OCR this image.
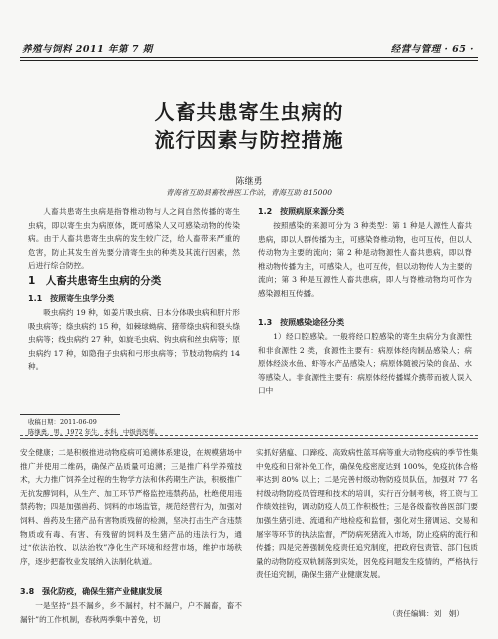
养殖与饲料 2011 年第 7 期	经营与管理 · 65 ·
人畜共患寄生虫病的
流行因素与防控措施
陈继勇
青海省互助县畜牧兽医工作站，青海互助 815000

人畜共患寄生虫病是指脊椎动物与人之间自然传播的寄生虫病，即以寄生虫为病原体，既可感染人又可感染动物的传染病。由于人畜共患寄生虫病的发生较广泛，给人畜带来严重的危害，防止其发生首先要分清寄生虫的种类及其流行因素，然后进行综合防控。

1　人畜共患寄生虫病的分类
1.1　按照寄生虫学分类

吸虫病约 19 种，如姜片吸虫病、日本分体吸虫病和肝片形吸虫病等；绦虫病约 15 种，如棘球蚴病、猪带绦虫病和裂头绦虫病等；线虫病约 27 种，如旋毛虫病、钩虫病和丝虫病等；原虫病约 17 种，如隐孢子虫病和弓形虫病等；节肢动物病约 14 种。

1.2　按照病原来源分类

按照感染的来源可分为 3 种类型：第 1 种是人源性人畜共患病，即以人群传播为主，可感染脊椎动物，也可互传，但以人传动物为主要的流向；第 2 种是动物源性人畜共患病，即以脊椎动物传播为主，可感染人，也可互传，但以动物传人为主要的流向；第 3 种是互源性人畜共患病，即人与脊椎动物均可作为感染源相互传播。

1.3　按照感染途径分类

1）经口腔感染。一般将经口腔感染的寄生虫病分为食源性和非食源性 2 类，食源性主要有：病原体经肉制品感染人；病原体经淡水鱼、虾等水产品感染人；病原体随被污染的食品、水等感染人。非食源性主要有：病原体经传播媒介携带而被人误入口中

收稿日期：2011-06-09
陈继勇，男，1972 年生，本科，中级兽医师。

安全健康；二是积极推进动物疫病可追溯体系建设，在规模猪场中推广并使用二维码，确保产品质量可追溯；三是推广科学养殖技术，大力推广饲养全过程的生物学方法和休药期生产法，积极推广无抗发酵饲料，从生产、加工环节严格监控违禁药品，杜绝使用违禁药物；四是加强兽药、饲料的市场监管，规范经营行为，加强对饲料、兽药及生猪产品有害物质残留的检测，坚决打击生产含违禁物质或有毒、有害、有残留的饲料及生猪产品的违法行为，通过“依法治牧、以法治牧”净化生产环境和经营市场，维护市场秩序，逐步把畜牧业发展纳入法制化轨道。

3.8　强化防疫，确保生猪产业健康发展

一是坚持“县不漏乡，乡不漏村，村不漏户，户不漏畜，畜不漏针”的工作机制，春秋两季集中普免，切

实抓好猪瘟、口蹄疫、高致病性蓝耳病等重大动物疫病的季节性集中免疫和日常补免工作，确保免疫密度达到 100%，免疫抗体合格率达到 80% 以上；二是完善村级动物防疫员队伍，加强对 77 名村级动物防疫员管理和技术的培训，实行百分制考核，将工资与工作绩效挂钩，调动防疫人员工作积极性；三是各级畜牧兽医部门要加强生猪引进、流通和产地检疫和监督，强化对生猪调运、交易和屠宰等环节的执法监督，严防病死猪流入市场，防止疫病的流行和传播；四是完善强制免疫责任追究制度，把政府包责管、部门包质量的动物防疫双轨制落到实处，因免疫问题发生疫情的，严格执行责任追究制，确保生猪产业健康发展。

（责任编辑：刘　娟）
